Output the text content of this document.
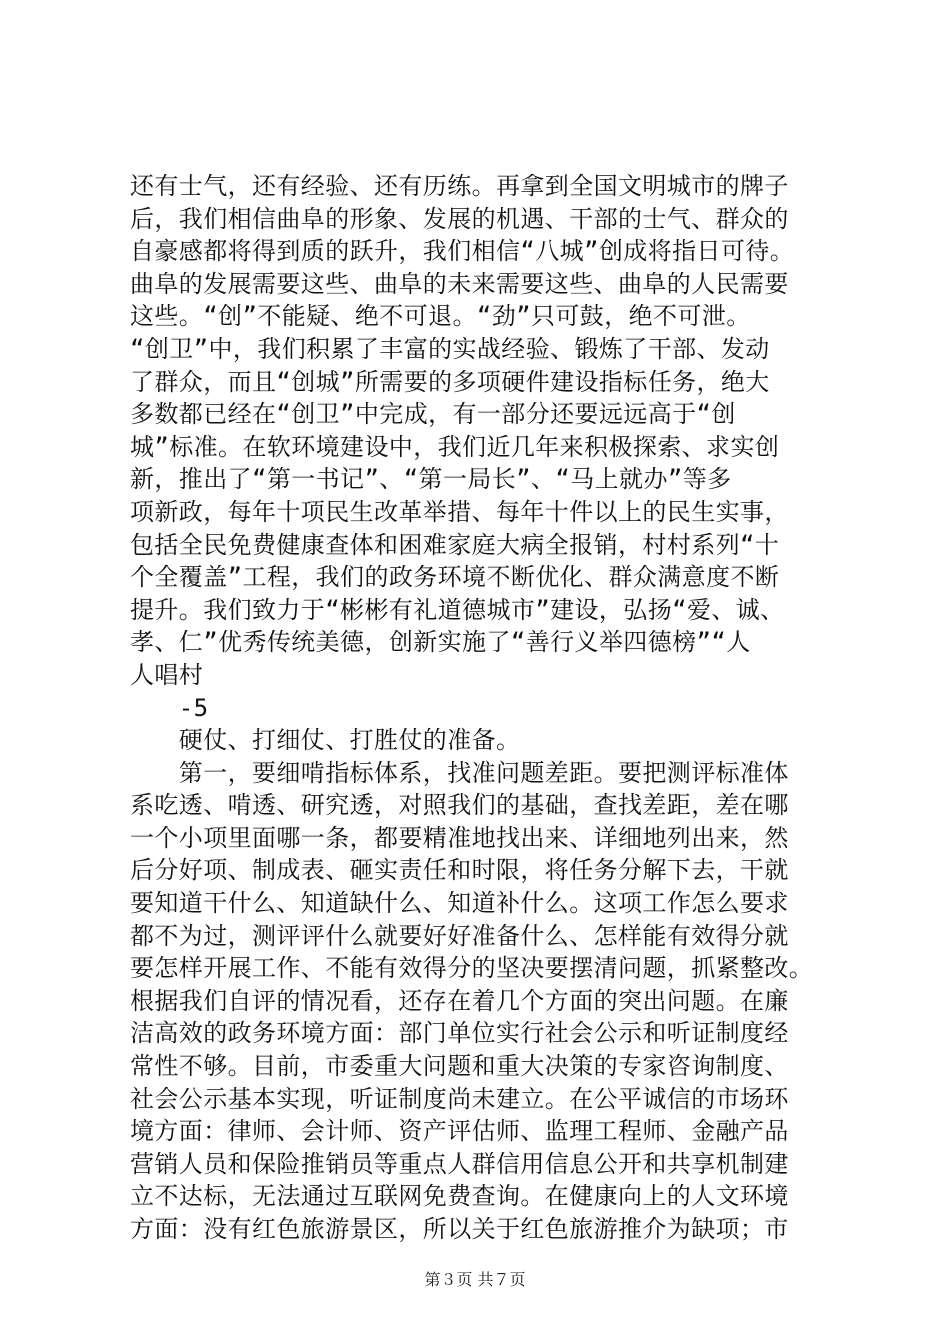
还有士气，还有经验、还有历练。再拿到全国文明城市的牌子
后，我们相信曲阜的形象、发展的机遇、干部的士气、群众的
自豪感都将得到质的跃升，我们相信“八城”创成将指日可待。
曲阜的发展需要这些、曲阜的未来需要这些、曲阜的人民需要
这些。“创”不能疑、绝不可退。“劲”只可鼓，绝不可泄。
“创卫”中，我们积累了丰富的实战经验、锻炼了干部、发动
了群众，而且“创城”所需要的多项硬件建设指标任务，绝大
多数都已经在“创卫”中完成，有一部分还要远远高于“创
城”标准。在软环境建设中，我们近几年来积极探索、求实创
新，推出了“第一书记”、“第一局长”、“马上就办”等多
项新政，每年十项民生改革举措、每年十件以上的民生实事，
包括全民免费健康查体和困难家庭大病全报销，村村系列“十
个全覆盖”工程，我们的政务环境不断优化、群众满意度不断
提升。我们致力于“彬彬有礼道德城市”建设，弘扬“爱、诚、
孝、仁”优秀传统美德，创新实施了“善行义举四德榜”“人
人唱村
　　-5
　　硬仗、打细仗、打胜仗的准备。
　　第一，要细啃指标体系，找准问题差距。要把测评标准体
系吃透、啃透、研究透，对照我们的基础，查找差距，差在哪
一个小项里面哪一条，都要精准地找出来、详细地列出来，然
后分好项、制成表、砸实责任和时限，将任务分解下去，干就
要知道干什么、知道缺什么、知道补什么。这项工作怎么要求
都不为过，测评评什么就要好好准备什么、怎样能有效得分就
要怎样开展工作、不能有效得分的坚决要摆清问题，抓紧整改。
根据我们自评的情况看，还存在着几个方面的突出问题。在廉
洁高效的政务环境方面：部门单位实行社会公示和听证制度经
常性不够。目前，市委重大问题和重大决策的专家咨询制度、
社会公示基本实现，听证制度尚未建立。在公平诚信的市场环
境方面：律师、会计师、资产评估师、监理工程师、金融产品
营销人员和保险推销员等重点人群信用信息公开和共享机制建
立不达标，无法通过互联网免费查询。在健康向上的人文环境
方面：没有红色旅游景区，所以关于红色旅游推介为缺项；市
第３页 共７页
